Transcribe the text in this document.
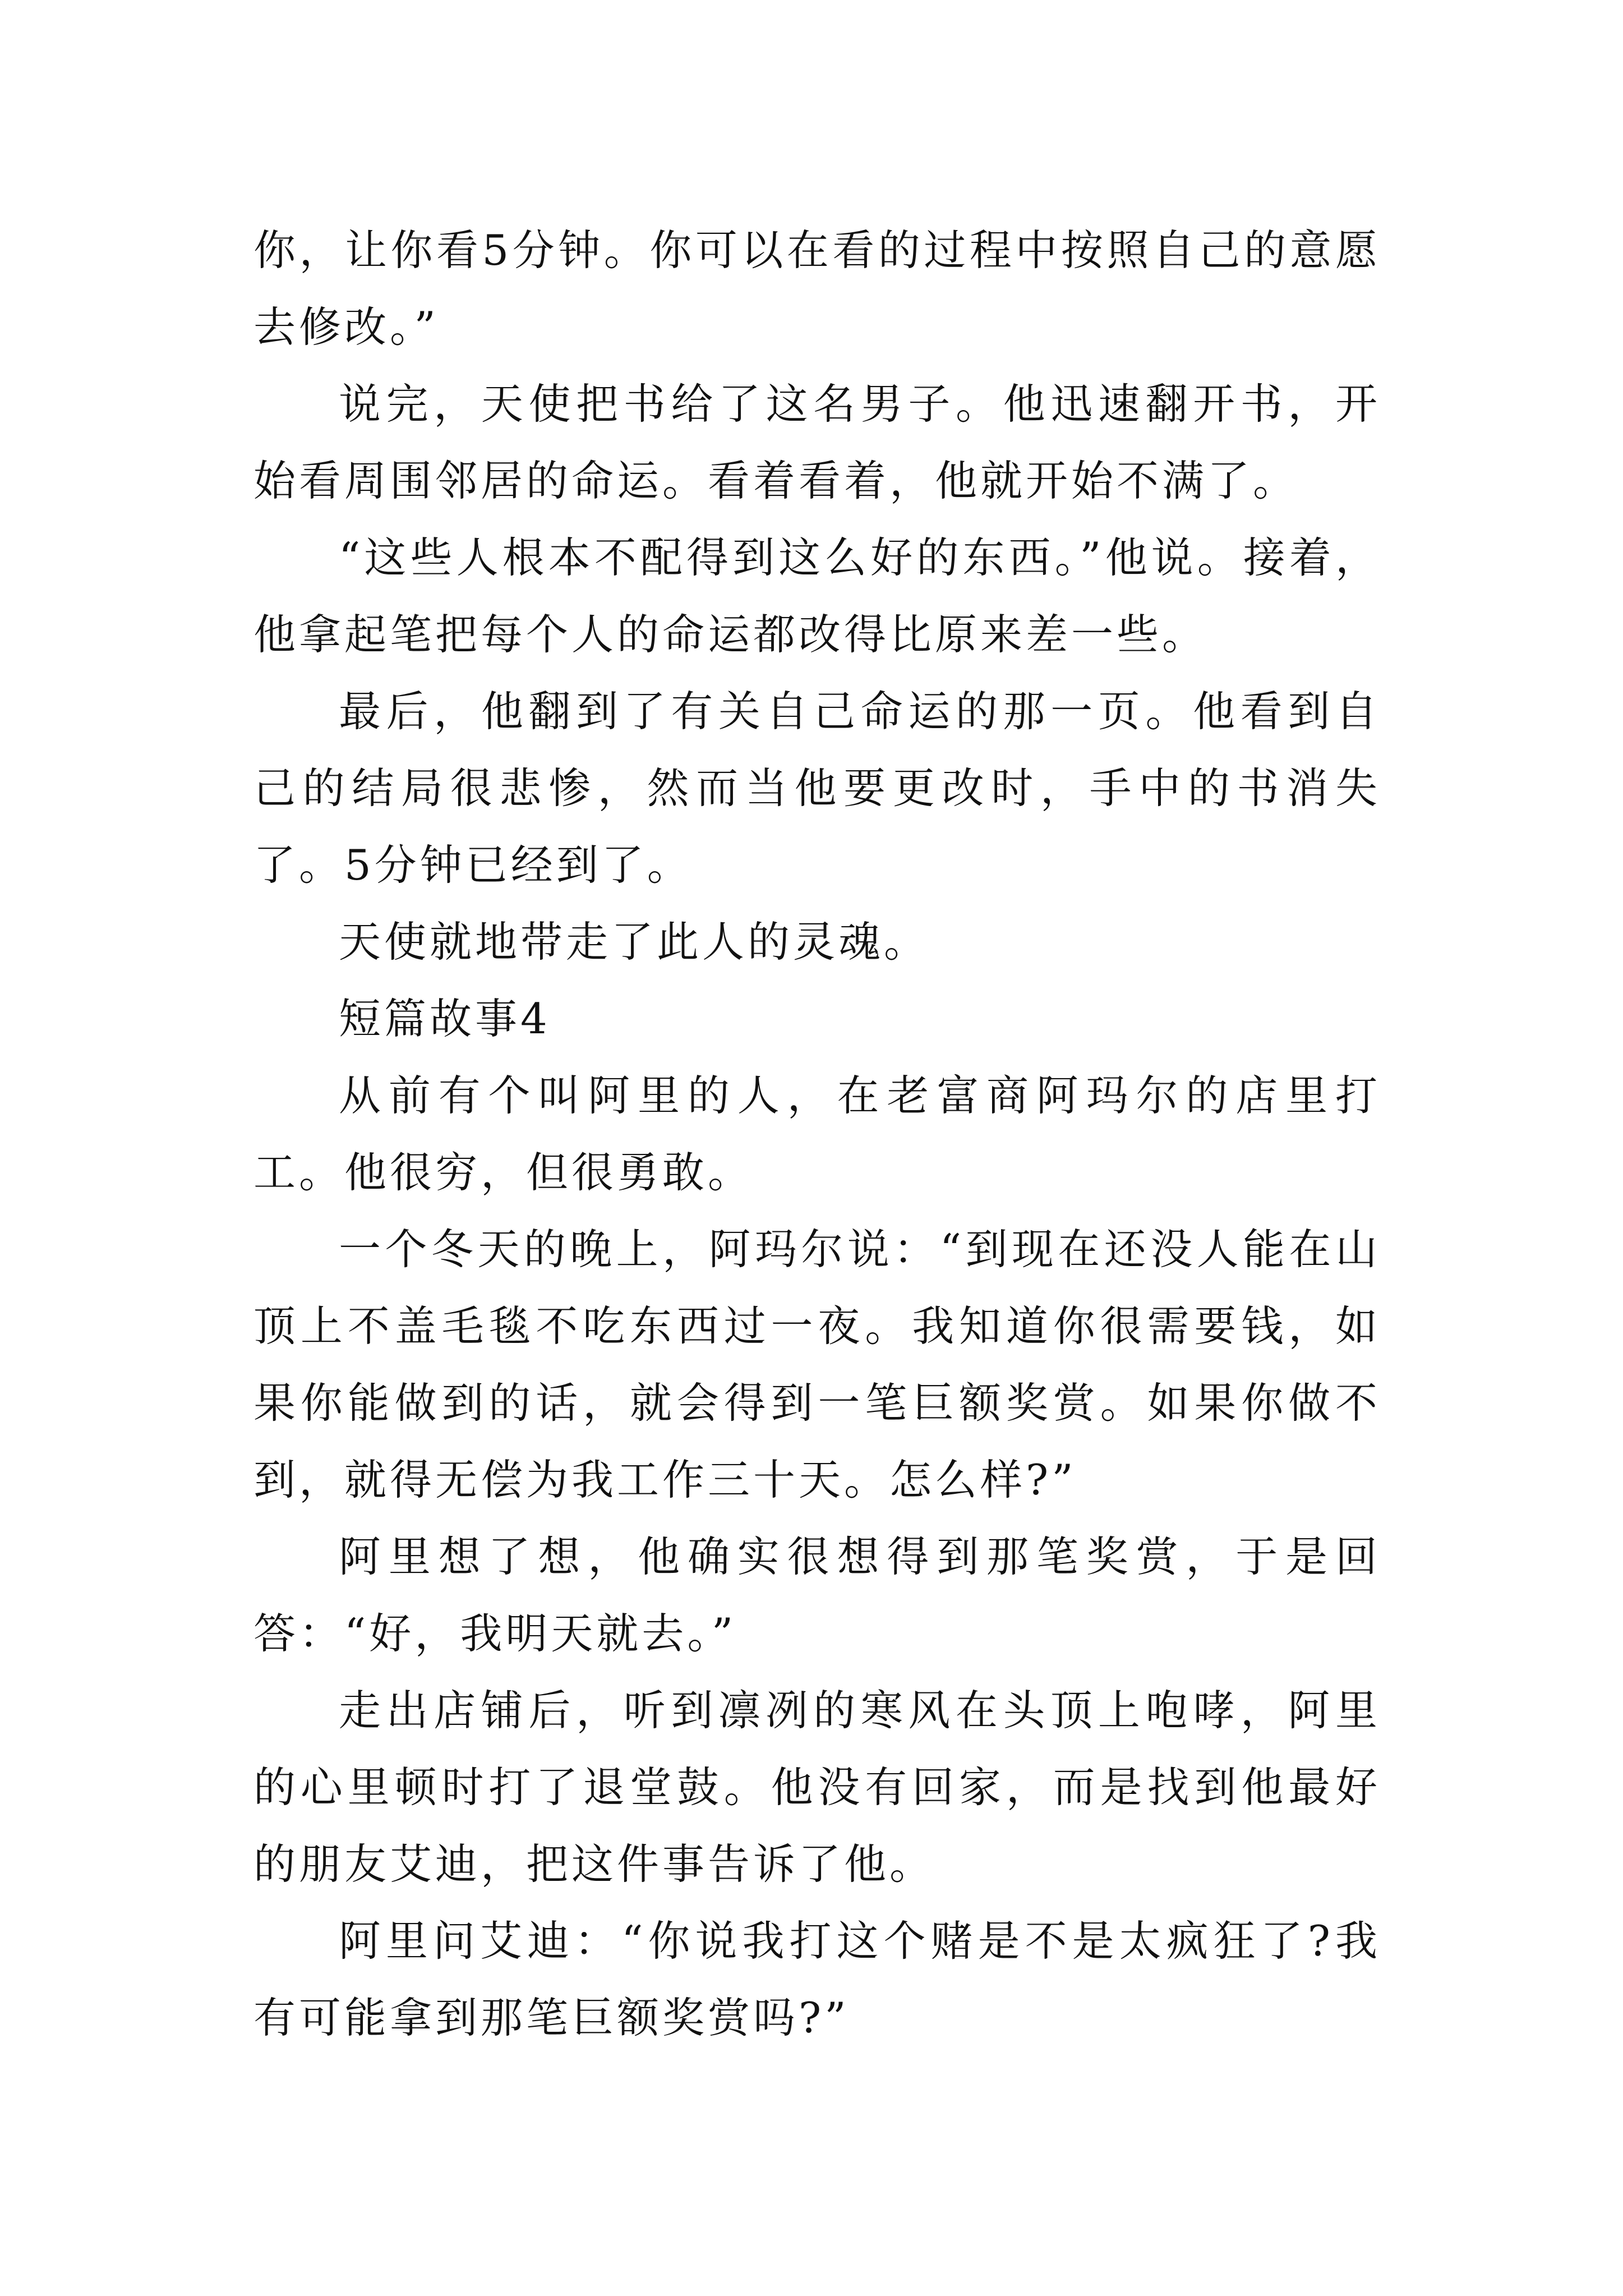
你，让你看5分钟。你可以在看的过程中按照自己的意愿去修改。”

说完，天使把书给了这名男子。他迅速翻开书，开始看周围邻居的命运。看着看着，他就开始不满了。

“这些人根本不配得到这么好的东西。”他说。接着，他拿起笔把每个人的命运都改得比原来差一些。

最后，他翻到了有关自己命运的那一页。他看到自己的结局很悲惨，然而当他要更改时，手中的书消失了。5分钟已经到了。

天使就地带走了此人的灵魂。

短篇故事4

从前有个叫阿里的人，在老富商阿玛尔的店里打工。他很穷，但很勇敢。

一个冬天的晚上，阿玛尔说：“到现在还没人能在山顶上不盖毛毯不吃东西过一夜。我知道你很需要钱，如果你能做到的话，就会得到一笔巨额奖赏。如果你做不到，就得无偿为我工作三十天。怎么样?”

阿里想了想，他确实很想得到那笔奖赏，于是回答：“好，我明天就去。”

走出店铺后，听到凛冽的寒风在头顶上咆哮，阿里的心里顿时打了退堂鼓。他没有回家，而是找到他最好的朋友艾迪，把这件事告诉了他。

阿里问艾迪：“你说我打这个赌是不是太疯狂了?我有可能拿到那笔巨额奖赏吗?”
